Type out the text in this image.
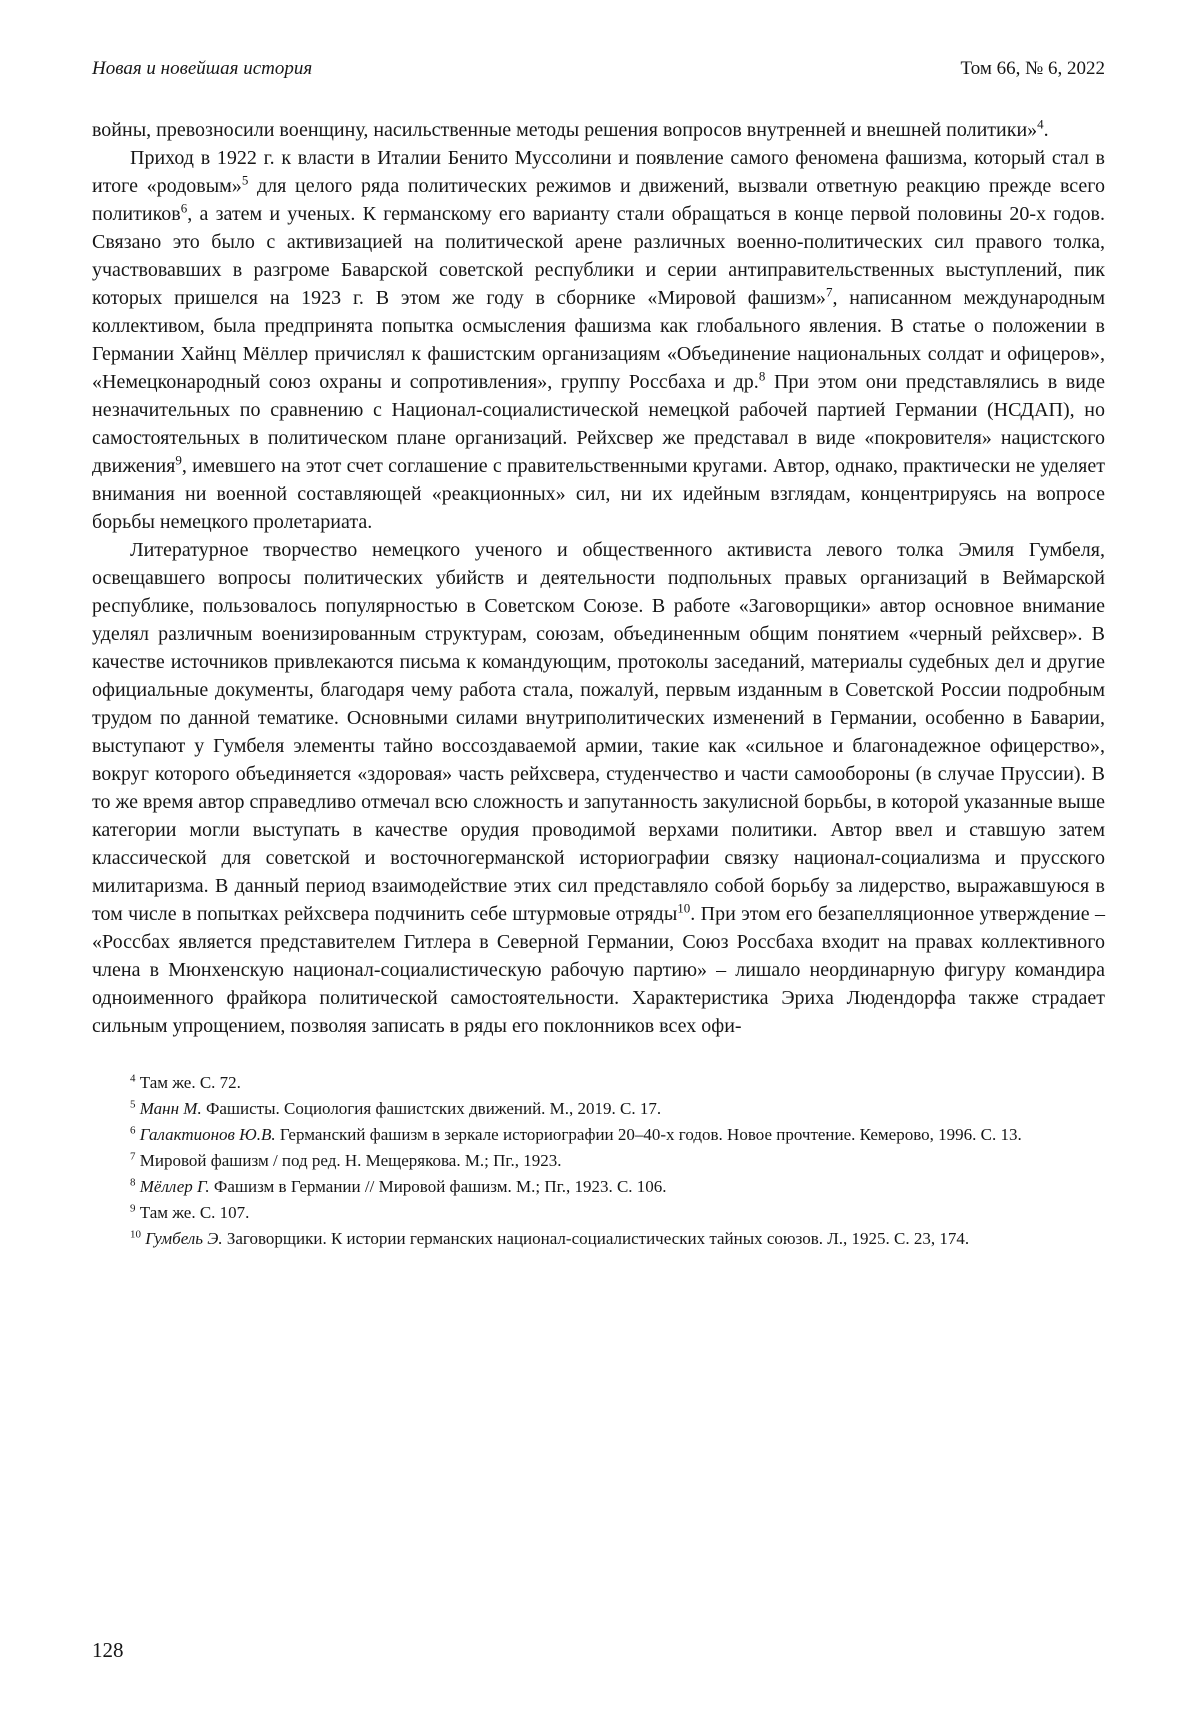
Новая и новейшая история	Том 66, № 6, 2022

войны, превозносили военщину, насильственные методы решения вопросов внутренней и внешней политики»$^4$.

Приход в 1922 г. к власти в Италии Бенито Муссолини и появление самого феномена фашизма, который стал в итоге «родовым»$^5$ для целого ряда политических режимов и движений, вызвали ответную реакцию прежде всего политиков$^6$, а затем и ученых. К германскому его варианту стали обращаться в конце первой половины 20-х годов. Связано это было с активизацией на политической арене различных военно-политических сил правого толка, участвовавших в разгроме Баварской советской республики и серии антиправительственных выступлений, пик которых пришелся на 1923 г. В этом же году в сборнике «Мировой фашизм»$^7$, написанном международным коллективом, была предпринята попытка осмысления фашизма как глобального явления. В статье о положении в Германии Хайнц Мёллер причислял к фашистским организациям «Объединение национальных солдат и офицеров», «Немецконародный союз охраны и сопротивления», группу Россбаха и др.$^8$ При этом они представлялись в виде незначительных по сравнению с Национал-социалистической немецкой рабочей партией Германии (НСДАП), но самостоятельных в политическом плане организаций. Рейхсвер же представал в виде «покровителя» нацистского движения$^9$, имевшего на этот счет соглашение с правительственными кругами. Автор, однако, практически не уделяет внимания ни военной составляющей «реакционных» сил, ни их идейным взглядам, концентрируясь на вопросе борьбы немецкого пролетариата.

Литературное творчество немецкого ученого и общественного активиста левого толка Эмиля Гумбеля, освещавшего вопросы политических убийств и деятельности подпольных правых организаций в Веймарской республике, пользовалось популярностью в Советском Союзе. В работе «Заговорщики» автор основное внимание уделял различным военизированным структурам, союзам, объединенным общим понятием «черный рейхсвер». В качестве источников привлекаются письма к командующим, протоколы заседаний, материалы судебных дел и другие официальные документы, благодаря чему работа стала, пожалуй, первым изданным в Советской России подробным трудом по данной тематике. Основными силами внутриполитических изменений в Германии, особенно в Баварии, выступают у Гумбеля элементы тайно воссоздаваемой армии, такие как «сильное и благонадежное офицерство», вокруг которого объединяется «здоровая» часть рейхсвера, студенчество и части самообороны (в случае Пруссии). В то же время автор справедливо отмечал всю сложность и запутанность закулисной борьбы, в которой указанные выше категории могли выступать в качестве орудия проводимой верхами политики. Автор ввел и ставшую затем классической для советской и восточногерманской историографии связку национал-социализма и прусского милитаризма. В данный период взаимодействие этих сил представляло собой борьбу за лидерство, выражавшуюся в том числе в попытках рейхсвера подчинить себе штурмовые отряды$^{10}$. При этом его безапелляционное утверждение – «Россбах является представителем Гитлера в Северной Германии, Союз Россбаха входит на правах коллективного члена в Мюнхенскую национал-социалистическую рабочую партию» – лишало неординарную фигуру командира одноименного фрайкора политической самостоятельности. Характеристика Эриха Людендорфа также страдает сильным упрощением, позволяя записать в ряды его поклонников всех офи-

$^4$ Там же. С. 72.

$^5$ Манн М. Фашисты. Социология фашистских движений. М., 2019. С. 17.

$^6$ Галактионов Ю.В. Германский фашизм в зеркале историографии 20–40-х годов. Новое прочтение. Кемерово, 1996. С. 13.

$^7$ Мировой фашизм / под ред. Н. Мещерякова. М.; Пг., 1923.

$^8$ Мёллер Г. Фашизм в Германии // Мировой фашизм. М.; Пг., 1923. С. 106.

$^9$ Там же. С. 107.

$^{10}$ Гумбель Э. Заговорщики. К истории германских национал-социалистических тайных союзов. Л., 1925. С. 23, 174.

128
